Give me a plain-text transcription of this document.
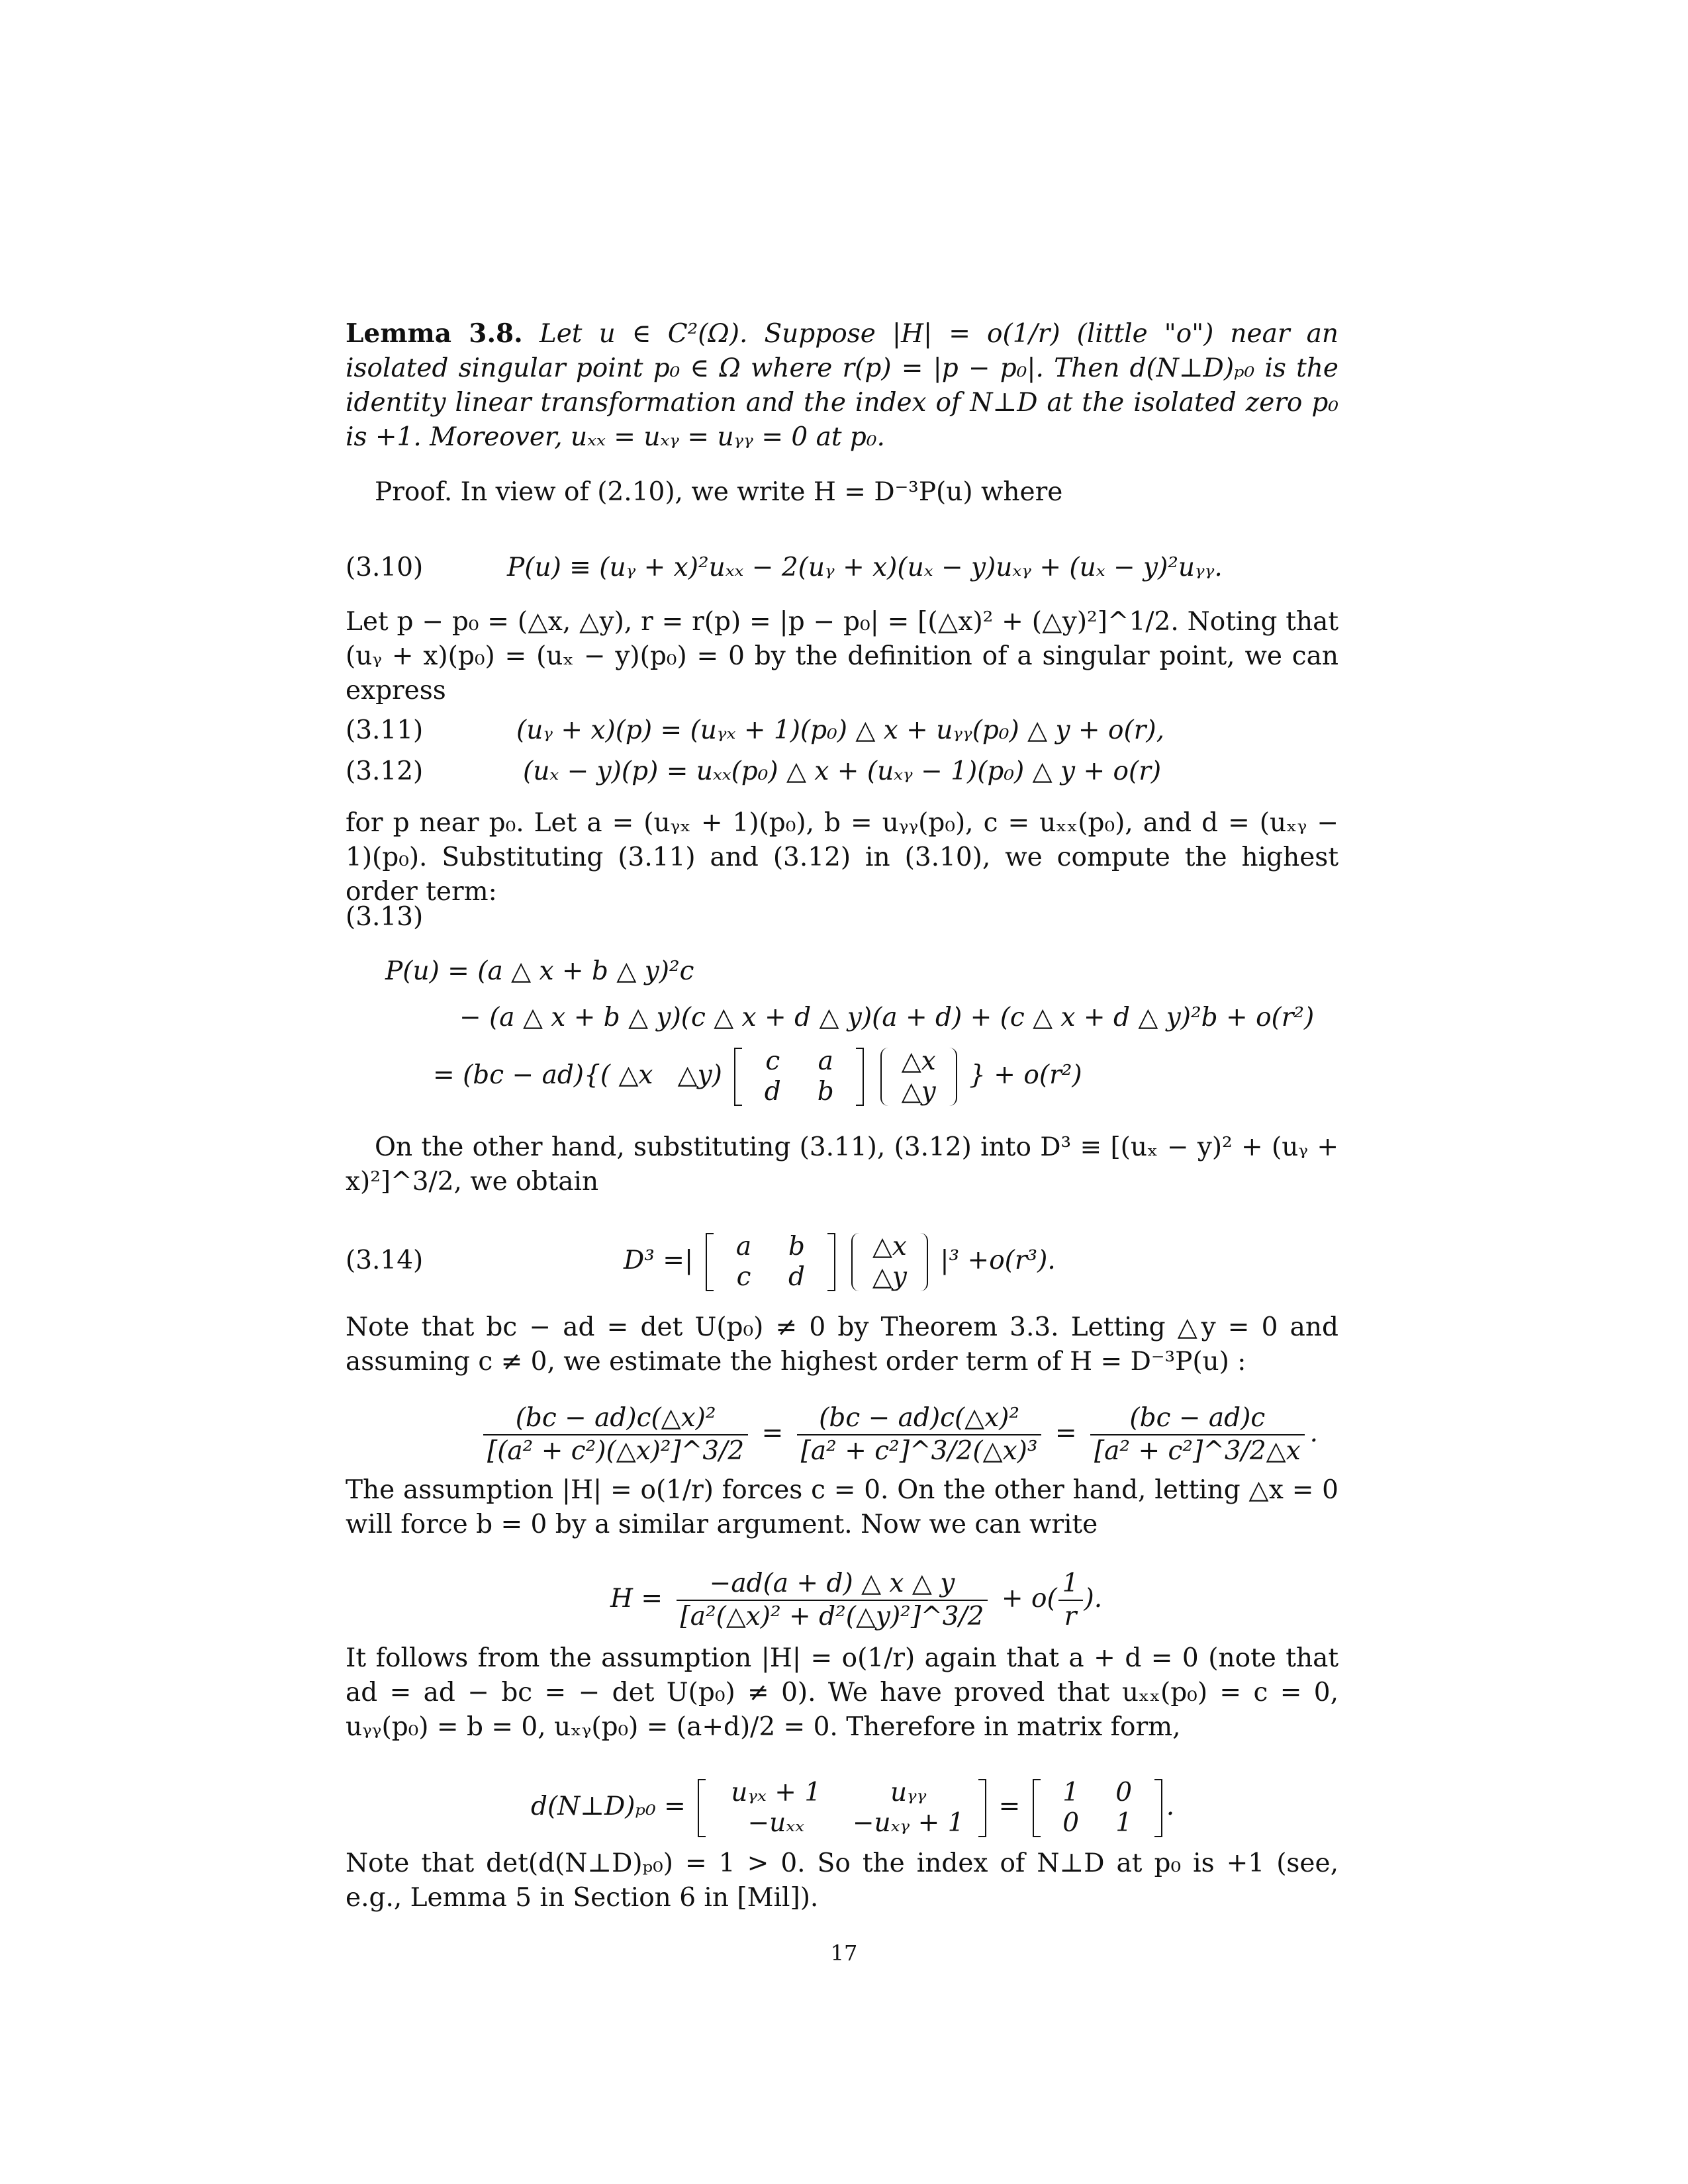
Lemma 3.8. Let u ∈ C²(Ω). Suppose |H| = o(1/r) (little "o") near an isolated singular point p₀ ∈ Ω where r(p) = |p − p₀|. Then d(N⊥D)ₚ₀ is the identity linear transformation and the index of N⊥D at the isolated zero p₀ is +1. Moreover, uₓₓ = uₓᵧ = uᵧᵧ = 0 at p₀.

Proof. In view of (2.10), we write H = D⁻³P(u) where

(3.10)	P(u) ≡ (uᵧ + x)²uₓₓ − 2(uᵧ + x)(uₓ − y)uₓᵧ + (uₓ − y)²uᵧᵧ.

Let p − p₀ = (△x, △y), r = r(p) = |p − p₀| = [(△x)² + (△y)²]^1/2. Noting that (uᵧ + x)(p₀) = (uₓ − y)(p₀) = 0 by the definition of a singular point, we can express

(3.11)	(uᵧ + x)(p) = (uᵧₓ + 1)(p₀) △ x + uᵧᵧ(p₀) △ y + o(r),
(3.12)	(uₓ − y)(p) = uₓₓ(p₀) △ x + (uₓᵧ − 1)(p₀) △ y + o(r)

for p near p₀. Let a = (uᵧₓ + 1)(p₀), b = uᵧᵧ(p₀), c = uₓₓ(p₀), and d = (uₓᵧ − 1)(p₀). Substituting (3.11) and (3.12) in (3.10), we compute the highest order term:

(3.13)
P(u) = (a △ x + b △ y)²c
− (a △ x + b △ y)(c △ x + d △ y)(a + d) + (c △ x + d △ y)²b + o(r²)
= (bc − ad){( △x   △y)	c a
d b

△x
△y
} + o(r²)

On the other hand, substituting (3.11), (3.12) into D³ ≡ [(uₓ − y)² + (uᵧ + x)²]^3/2, we obtain

(3.14)	D³ =|	a b
c d

△x
△y
|³ +o(r³).

Note that bc − ad = det U(p₀) ≠ 0 by Theorem 3.3. Letting △y = 0 and assuming c ≠ 0, we estimate the highest order term of H = D⁻³P(u) :

$\frac{\text{(bc − ad)c(△x)²}}{\text{[(a² + c²)(△x)²]\textasciicircum{}3/2}} = \frac{\text{(bc − ad)c(△x)²}}{\text{[a² + c²]\textasciicircum{}3/2(△x)³}} = \frac{(bc - ad)c}{\text{[a² + c²]\textasciicircum{}3/2△x}}$ .

The assumption |H| = o(1/r) forces c = 0. On the other hand, letting △x = 0 will force b = 0 by a similar argument. Now we can write

$H = \frac{-ad(a + d) \triangle x \triangle y}{\text{[a²(△x)² + d²(△y)²]\textasciicircum{}3/2}} + o( \frac{1}{r}$ ).

It follows from the assumption |H| = o(1/r) again that a + d = 0 (note that ad = ad − bc = − det U(p₀) ≠ 0). We have proved that uₓₓ(p₀) = c = 0, uᵧᵧ(p₀) = b = 0, uₓᵧ(p₀) = (a+d)/2 = 0. Therefore in matrix form,

d(N⊥D)ₚ₀ =	uᵧₓ + 1	uᵧᵧ
−uₓₓ −uₓᵧ + 1
=	1 0
0 1
.

Note that det(d(N⊥D)ₚ₀) = 1 > 0. So the index of N⊥D at p₀ is +1 (see, e.g., Lemma 5 in Section 6 in [Mil]).

17
